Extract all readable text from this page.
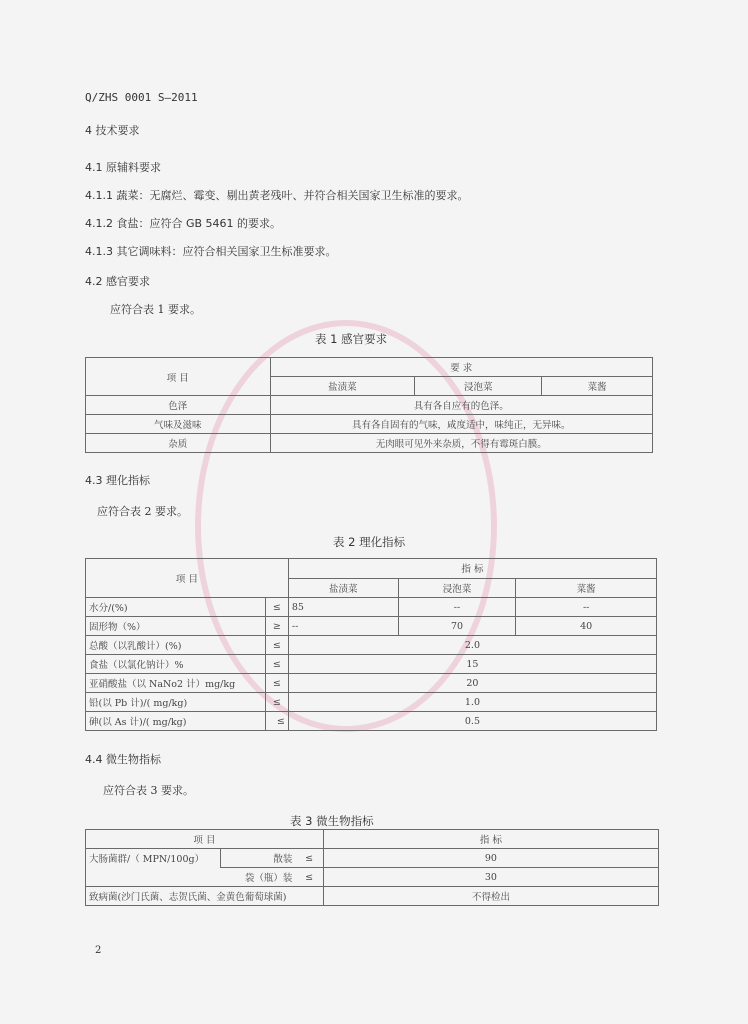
Q/ZHS 0001 S—2011
4 技术要求
4.1 原辅料要求
4.1.1 蔬菜：无腐烂、霉变、剔出黄老残叶、并符合相关国家卫生标准的要求。
4.1.2 食盐：应符合 GB 5461 的要求。
4.1.3 其它调味料：应符合相关国家卫生标准要求。
4.2 感官要求
应符合表 1 要求。
表 1 感官要求
项 目	要 求		
	盐渍菜	浸泡菜	菜酱
色泽	具有各自应有的色泽。		
气味及滋味	具有各自固有的气味，咸度适中，味纯正，无异味。		
杂质	无肉眼可见外来杂质，不得有霉斑白膜。		
4.3 理化指标
应符合表 2 要求。
表 2 理化指标
项 目		指 标		
		盐渍菜	浸泡菜	菜酱
水分/(%)	≤	85	--	--
固形物（%）	≥	--	70	40
总酸（以乳酸计）(%)	≤	2.0		
食盐（以氯化钠计）%	≤	15		
亚硝酸盐（以 NaNo2 计）mg/kg	≤	20		
铅(以 Pb 计)/( mg/kg)	≤	1.0		
砷(以 As 计)/( mg/kg)	≤	0.5		
4.4 微生物指标
应符合表 3 要求。
表 3 微生物指标
项 目			指 标
大肠菌群/（ MPN/100g）	散装	≤	90
	袋（瓶）装	≤	30
致病菌(沙门氏菌、志贺氏菌、金黄色葡萄球菌)			不得检出
2
